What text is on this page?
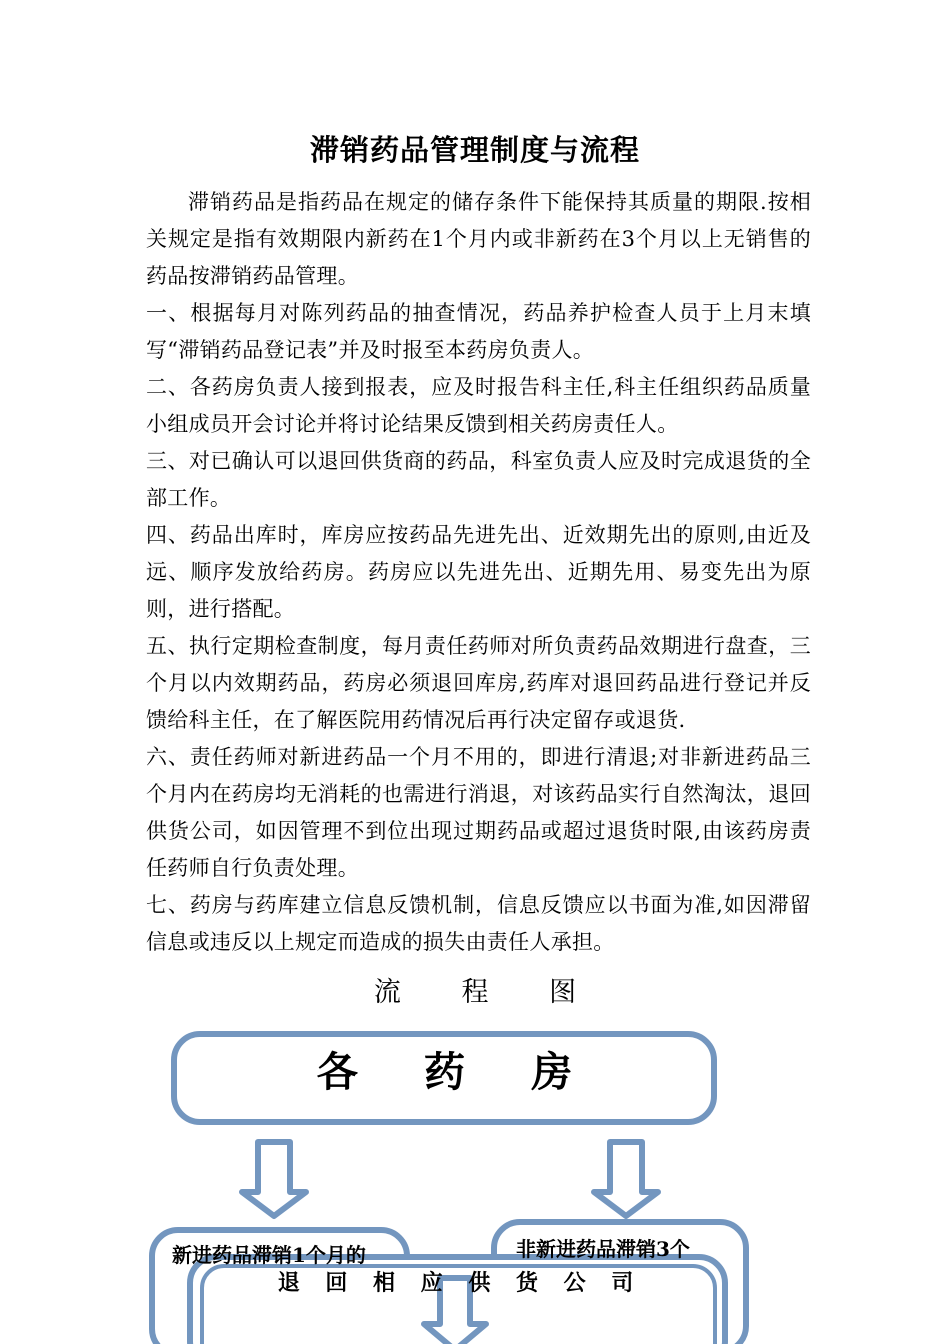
滞销药品管理制度与流程

滞销药品是指药品在规定的储存条件下能保持其质量的期限.按相关规定是指有效期限内新药在1个月内或非新药在3个月以上无销售的药品按滞销药品管理。

一、根据每月对陈列药品的抽查情况，药品养护检查人员于上月末填写“滞销药品登记表”并及时报至本药房负责人。

二、各药房负责人接到报表，应及时报告科主任,科主任组织药品质量小组成员开会讨论并将讨论结果反馈到相关药房责任人。

三、对已确认可以退回供货商的药品，科室负责人应及时完成退货的全部工作。

四、药品出库时，库房应按药品先进先出、近效期先出的原则,由近及远、顺序发放给药房。药房应以先进先出、近期先用、易变先出为原则，进行搭配。

五、执行定期检查制度，每月责任药师对所负责药品效期进行盘查，三个月以内效期药品，药房必须退回库房,药库对退回药品进行登记并反馈给科主任，在了解医院用药情况后再行决定留存或退货.

六、责任药师对新进药品一个月不用的，即进行清退;对非新进药品三个月内在药房均无消耗的也需进行消退，对该药品实行自然淘汰，退回供货公司，如因管理不到位出现过期药品或超过退货时限,由该药房责任药师自行负责处理。

七、药房与药库建立信息反馈机制，信息反馈应以书面为准,如因滞留信息或违反以上规定而造成的损失由责任人承担。

流 程 图
各 药 房
新进药品滞销1个月的	非新进药品滞销3个
退 回 相 应 供 货 公 司
